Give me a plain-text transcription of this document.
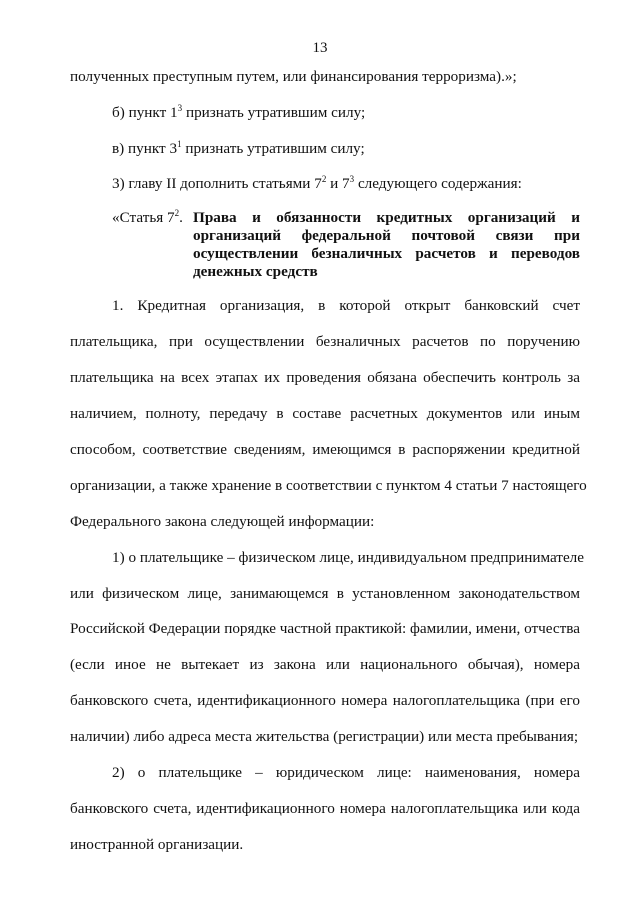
13
полученных преступным путем, или финансирования терроризма).»;
б) пункт $1^3$ признать утратившим силу;
в) пункт $3^1$ признать утратившим силу;
3) главу II дополнить статьями $7^2$ и $7^3$ следующего содержания:
«Статья $7^2$. Права и обязанности кредитных организаций и
организаций федеральной почтовой связи при
осуществлении безналичных расчетов и переводов
денежных средств
1. Кредитная организация, в которой открыт банковский счет
плательщика, при осуществлении безналичных расчетов по поручению
плательщика на всех этапах их проведения обязана обеспечить контроль за
наличием, полноту, передачу в составе расчетных документов или иным
способом, соответствие сведениям, имеющимся в распоряжении кредитной
организации, а также хранение в соответствии с пунктом 4 статьи 7 настоящего
Федерального закона следующей информации:
1) о плательщике – физическом лице, индивидуальном предпринимателе
или физическом лице, занимающемся в установленном законодательством
Российской Федерации порядке частной практикой: фамилии, имени, отчества
(если иное не вытекает из закона или национального обычая), номера
банковского счета, идентификационного номера налогоплательщика (при его
наличии) либо адреса места жительства (регистрации) или места пребывания;
2) о плательщике – юридическом лице: наименования, номера
банковского счета, идентификационного номера налогоплательщика или кода
иностранной организации.
